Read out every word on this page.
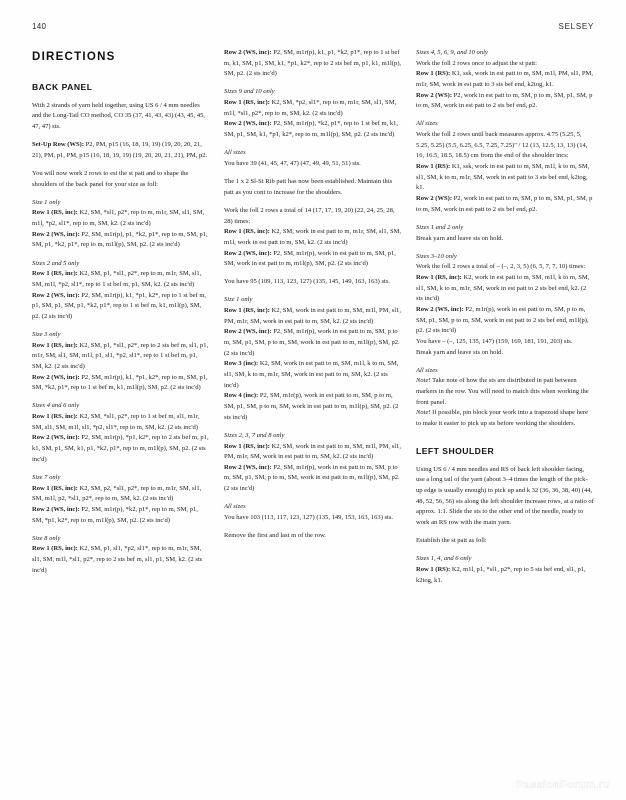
140	SELSEY
DIRECTIONS
BACK PANEL

With 2 strands of yarn held together, using US 6 / 4 mm needles and the Long-Tail CO method, CO 35 (37, 41, 43, 43) (43, 45, 45, 47, 47) sts.

Set-Up Row (WS): P2, PM, p15 (16, 18, 19, 19) (19, 20, 20, 21, 21), PM, p1, PM, p15 (16, 18, 19, 19) (19, 20, 20, 21, 21), PM, p2.

You will now work 2 rows to est the st patt and to shape the shoulders of the back panel for your size as foll:

Size 1 only

Row 1 (RS, inc): K2, SM, *sl1, p2*, rep to m, m1r, SM, sl1, SM, m1l, *p2, sl1*, rep to m, SM, k2. (2 sts inc'd)

Row 2 (WS, inc): P2, SM, m1r(p), p1, *k2, p1*, rep to m, SM, p1, SM, p1, *k2, p1*, rep to m, m1l(p), SM, p2. (2 sts inc'd)

Sizes 2 and 5 only

Row 1 (RS, inc): K2, SM, p1, *sl1, p2*, rep to m, m1r, SM, sl1, SM, m1l, *p2, sl1*, rep to 1 st bef m, p1, SM, k2. (2 sts inc'd)

Row 2 (WS, inc): P2, SM, m1r(p), k1, *p1, k2*, rep to 1 st bef m, p1, SM, p1, SM, p1, *k2, p1*, rep to 1 st bef m, k1, m1l(p), SM, p2. (2 sts inc'd)

Size 3 only

Row 1 (RS, inc): K2, SM, p1, *sl1, p2*, rep to 2 sts bef m, sl1, p1, m1r, SM, sl1, SM, m1l, p1, sl1, *p2, sl1*, rep to 1 st bef m, p1, SM, k2. (2 sts inc'd)

Row 2 (WS, inc): P2, SM, m1r(p), k1, *p1, k2*, rep to m, SM, p1, SM, *k2, p1*, rep to 1 st bef m, k1, m1l(p), SM, p2. (2 sts inc'd)

Sizes 4 and 6 only

Row 1 (RS, inc): K2, SM, *sl1, p2*, rep to 1 st bef m, sl1, m1r, SM, sl1, SM, m1l, sl1, *p2, sl1*, rep to m, SM, k2. (2 sts inc'd)

Row 2 (WS, inc): P2, SM, m1r(p), *p1, k2*, rep to 2 sts bef m, p1, k1, SM, p1, SM, k1, p1, *k2, p1*, rep to m, m1l(p), SM, p2. (2 sts inc'd)

Size 7 only

Row 1 (RS, inc): K2, SM, p2, *sl1, p2*, rep to m, m1r, SM, sl1, SM, m1l, p2, *sl1, p2*, rep to m, SM, k2. (2 sts inc'd)

Row 2 (WS, inc): P2, SM, m1r(p), *k2, p1*, rep to m, SM, p1, SM, *p1, k2*, rep to m, m1l(p), SM, p2. (2 sts inc'd)

Size 8 only

Row 1 (RS, inc): K2, SM, p1, sl1, *p2, sl1*, rep to m, m1r, SM, sl1, SM, m1l, *sl1, p2*, rep to 2 sts bef m, sl1, p1, SM, k2. (2 sts inc'd)

Row 2 (WS, inc): P2, SM, m1r(p), k1, p1, *k2, p1*, rep to 1 st bef m, k1, SM, p1, SM, k1, *p1, k2*, rep to 2 sts bef m, p1, k1, m1l(p), SM, p2. (2 sts inc'd)

Sizes 9 and 10 only

Row 1 (RS, inc): K2, SM, *p2, sl1*, rep to m, m1r, SM, sl1, SM, m1l, *sl1, p2*, rep to m, SM, k2. (2 sts inc'd)

Row 2 (WS, inc): P2, SM, m1r(p), *k2, p1*, rep to 1 st bef m, k1, SM, p1, SM, k1, *p1, k2*, rep to m, m1l(p), SM, p2. (2 sts inc'd)

All sizes

You have 39 (41, 45, 47, 47) (47, 49, 49, 51, 51) sts.

The 1 x 2 Sl-St Rib patt has now been established. Maintain this patt as you cont to increase for the shoulders.

Work the foll 2 rows a total of 14 (17, 17, 19, 20) (22, 24, 25, 28, 28) times:

Row 1 (RS, inc): K2, SM, work in est patt to m, m1r, SM, sl1, SM, m1l, work in est patt to m, SM, k2. (2 sts inc'd)

Row 2 (WS, inc): P2, SM, m1r(p), work in est patt to m, SM, p1, SM, work in est patt to m, m1l(p), SM, p2. (2 sts inc'd)

You have 95 (109, 113, 123, 127) (135, 145, 149, 163, 163) sts.

Size 1 only

Row 1 (RS, inc): K2, SM, work in est patt to m, SM, m1l, PM, sl1, PM, m1r, SM, work in est patt to m, SM, k2. (2 sts inc'd)

Row 2 (WS, inc): P2, SM, m1r(p), work in est patt to m, SM, p to m, SM, p1, SM, p to m, SM, work in est patt to m, m1l(p), SM, p2. (2 sts inc'd)

Row 3 (inc): K2, SM, work in est patt to m, SM, m1l, k to m, SM, sl1, SM, k to m, m1r, SM, work in est patt to m, SM, k2. (2 sts inc'd)

Row 4 (inc): P2, SM, m1r(p), work in est patt to m, SM, p to m, SM, p1, SM, p to m, SM, work in est patt to m, m1l(p), SM, p2. (2 sts inc'd)

Sizes 2, 3, 7 and 8 only

Row 1 (RS, inc): K2, SM, work in est patt to m, SM, m1l, PM, sl1, PM, m1r, SM, work in est patt to m, SM, k2. (2 sts inc'd)

Row 2 (WS, inc): P2, SM, m1r(p), work in est patt to m, SM, p to m, SM, p1, SM, p to m, SM, work in est patt to m, m1l(p), SM, p2. (2 sts inc'd)

All sizes

You have 103 (113, 117, 123, 127) (135, 149, 153, 163, 163) sts.

Remove the first and last m of the row.

Sizes 4, 5, 6, 9, and 10 only

Work the foll 2 rows once to adjust the st patt:

Row 1 (RS): K1, ssk, work in est patt to m, SM, m1l, PM, sl1, PM, m1r, SM, work in est patt to 3 sts bef end, k2tog, k1.

Row 2 (WS): P2, work in est patt to m, SM, p to m, SM, p1, SM, p to m, SM, work in est patt to 2 sts bef end, p2.

All sizes

Work the foll 2 rows until back measures approx. 4.75 (5.25, 5, 5.25, 5.25) (5.5, 6.25, 6.5, 7.25, 7.25)" / 12 (13, 12.5, 13, 13) (14, 16, 16.5, 18.5, 18.5) cm from the end of the shoulder incs:

Row 1 (RS): K1, ssk, work in est patt to m, SM, m1l, k to m, SM, sl1, SM, k to m, m1r, SM, work in est patt to 3 sts bef end, k2tog, k1.

Row 2 (WS): P2, work in est patt to m, SM, p to m, SM, p1, SM, p to m, SM, work in est patt to 2 sts bef end, p2.

Sizes 1 and 2 only

Break yarn and leave sts on hold.

Sizes 3–10 only

Work the foll 2 rows a total of – (–, 2, 3, 5) (6, 5, 7, 7, 10) times:

Row 1 (RS, inc): K2, work in est patt to m, SM, m1l, k to m, SM, sl1, SM, k to m, m1r, SM, work in est patt to 2 sts bef end, k2. (2 sts inc'd)

Row 2 (WS, inc): P2, m1r(p), work in est patt to m, SM, p to m, SM, p1, SM, p to m, SM, work in est patt to 2 sts bef end, m1l(p), p2. (2 sts inc'd)

You have – (–, 125, 135, 147) (159, 169, 181, 191, 203) sts.

Break yarn and leave sts on hold.

All sizes

Note! Take note of how the sts are distributed in patt between markers in the row. You will need to match this when working the front panel.

Note! If possible, pin block your work into a trapezoid shape here to make it easier to pick up sts before working the shoulders.

LEFT SHOULDER

Using US 6 / 4 mm needles and RS of back left shoulder facing, use a long tail of the yarn (about 3–4 times the length of the pick-up edge is usually enough) to pick up and k 32 (36, 36, 38, 40) (44, 48, 52, 56, 56) sts along the left shoulder increase rows, at a ratio of approx. 1:1. Slide the sts to the other end of the needle, ready to work an RS row with the main yarn.

Establish the st patt as foll:

Sizes 1, 4, and 6 only

Row 1 (RS): K2, m1l, p1, *sl1, p2*, rep to 5 sts bef end, sl1, p1, k2tog, k1.

PassionForum.ru
